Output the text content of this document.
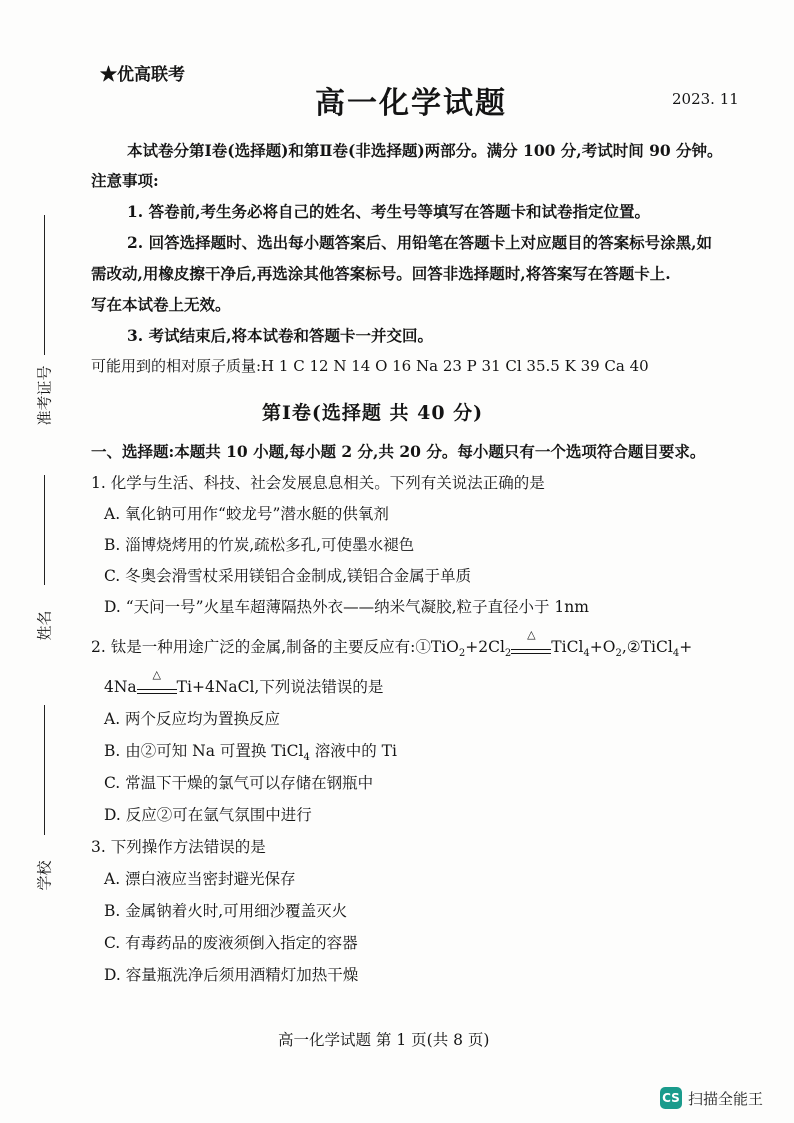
准考证号
姓名
学校
★优高联考
高一化学试题	2023. 11
本试卷分第Ⅰ卷(选择题)和第Ⅱ卷(非选择题)两部分。满分 100 分,考试时间 90 分钟。
注意事项:
1. 答卷前,考生务必将自己的姓名、考生号等填写在答题卡和试卷指定位置。
2. 回答选择题时、选出每小题答案后、用铅笔在答题卡上对应题目的答案标号涂黑,如
需改动,用橡皮擦干净后,再选涂其他答案标号。回答非选择题时,将答案写在答题卡上.
写在本试卷上无效。
3. 考试结束后,将本试卷和答题卡一并交回。
可能用到的相对原子质量:H 1 C 12 N 14 O 16 Na 23 P 31 Cl 35.5 K 39 Ca 40
第Ⅰ卷(选择题 共 40 分)
一、选择题:本题共 10 小题,每小题 2 分,共 20 分。每小题只有一个选项符合题目要求。
1. 化学与生活、科技、社会发展息息相关。下列有关说法正确的是
A. 氧化钠可用作“蛟龙号”潜水艇的供氧剂
B. 淄博烧烤用的竹炭,疏松多孔,可使墨水褪色
C. 冬奥会滑雪杖采用镁铝合金制成,镁铝合金属于单质
D. “天问一号”火星车超薄隔热外衣——纳米气凝胶,粒子直径小于 1nm
2. 钛是一种用途广泛的金属,制备的主要反应有$:①TiO_2+2Cl_2$
△
$TiCl_4+O_2,②TiCl_4+$
4Na
△
Ti+4NaCl,下列说法错误的是
A. 两个反应均为置换反应
B. 由②可知 Na 可置换 TiCl$_4$ 溶液中的 Ti
C. 常温下干燥的氯气可以存储在钢瓶中
D. 反应②可在氩气氛围中进行
3. 下列操作方法错误的是
A. 漂白液应当密封避光保存
B. 金属钠着火时,可用细沙覆盖灭火
C. 有毒药品的废液须倒入指定的容器
D. 容量瓶洗净后须用酒精灯加热干燥
高一化学试题 第 1 页(共 8 页)
CS 扫描全能王
